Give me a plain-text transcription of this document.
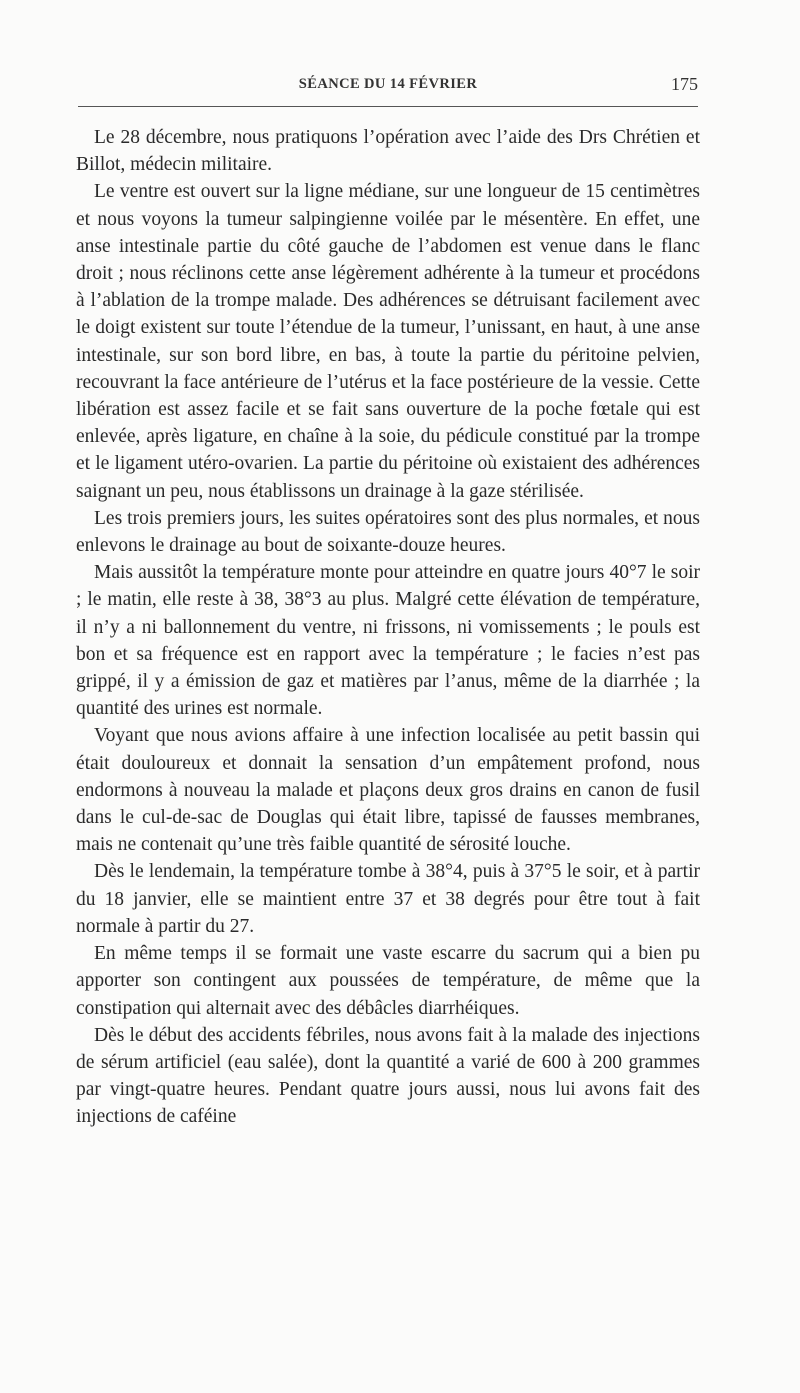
SÉANCE DU 14 FÉVRIER	175

Le 28 décembre, nous pratiquons l’opération avec l’aide des Drs Chrétien et Billot, médecin militaire.

Le ventre est ouvert sur la ligne médiane, sur une longueur de 15 centimètres et nous voyons la tumeur salpingienne voilée par le mésentère. En effet, une anse intestinale partie du côté gauche de l’abdomen est venue dans le flanc droit ; nous réclinons cette anse légèrement adhérente à la tumeur et procédons à l’ablation de la trompe malade. Des adhérences se détruisant facilement avec le doigt existent sur toute l’étendue de la tumeur, l’unissant, en haut, à une anse intestinale, sur son bord libre, en bas, à toute la partie du péritoine pelvien, recouvrant la face antérieure de l’utérus et la face postérieure de la vessie. Cette libération est assez facile et se fait sans ouverture de la poche fœtale qui est enlevée, après ligature, en chaîne à la soie, du pédicule constitué par la trompe et le ligament utéro-ovarien. La partie du péritoine où existaient des adhérences saignant un peu, nous établissons un drainage à la gaze stérilisée.

Les trois premiers jours, les suites opératoires sont des plus normales, et nous enlevons le drainage au bout de soixante-douze heures.

Mais aussitôt la température monte pour atteindre en quatre jours 40°7 le soir ; le matin, elle reste à 38, 38°3 au plus. Malgré cette élévation de température, il n’y a ni ballonnement du ventre, ni frissons, ni vomissements ; le pouls est bon et sa fréquence est en rapport avec la température ; le facies n’est pas grippé, il y a émission de gaz et matières par l’anus, même de la diarrhée ; la quantité des urines est normale.

Voyant que nous avions affaire à une infection localisée au petit bassin qui était douloureux et donnait la sensation d’un empâtement profond, nous endormons à nouveau la malade et plaçons deux gros drains en canon de fusil dans le cul-de-sac de Douglas qui était libre, tapissé de fausses membranes, mais ne contenait qu’une très faible quantité de sérosité louche.

Dès le lendemain, la température tombe à 38°4, puis à 37°5 le soir, et à partir du 18 janvier, elle se maintient entre 37 et 38 degrés pour être tout à fait normale à partir du 27.

En même temps il se formait une vaste escarre du sacrum qui a bien pu apporter son contingent aux poussées de température, de même que la constipation qui alternait avec des débâcles diarrhéiques.

Dès le début des accidents fébriles, nous avons fait à la malade des injections de sérum artificiel (eau salée), dont la quantité a varié de 600 à 200 grammes par vingt-quatre heures. Pendant quatre jours aussi, nous lui avons fait des injections de caféine
